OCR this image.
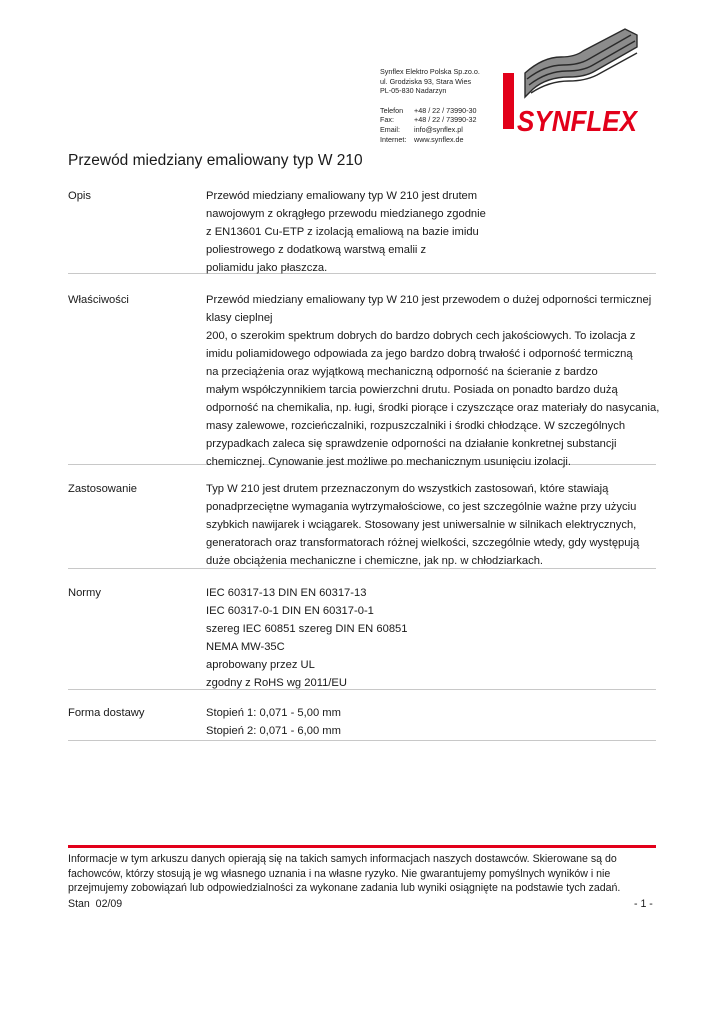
Synflex Elektro Polska Sp.zo.o.
ul. Grodziska 93, Stara Wies
PL-05-830 Nadarzyn
Telefon	+48 / 22 / 73990-30
Fax:	+48 / 22 / 73990-32
Email:	info@synflex.pl
Internet:	www.synflex.de
SYNFLEX
Przewód miedziany emaliowany typ W 210
Opis	Przewód miedziany emaliowany typ W 210 jest drutem
nawojowym z okrągłego przewodu miedzianego zgodnie
z EN13601 Cu-ETP z izolacją emaliową na bazie imidu
poliestrowego z dodatkową warstwą emalii z
poliamidu jako płaszcza.
Właściwości	Przewód miedziany emaliowany typ W 210 jest przewodem o dużej odporności termicznej
klasy cieplnej
200, o szerokim spektrum dobrych do bardzo dobrych cech jakościowych. To izolacja z
imidu poliamidowego odpowiada za jego bardzo dobrą trwałość i odporność termiczną
na przeciążenia oraz wyjątkową mechaniczną odporność na ścieranie z bardzo
małym współczynnikiem tarcia powierzchni drutu. Posiada on ponadto bardzo dużą
odporność na chemikalia, np. ługi, środki piorące i czyszczące oraz materiały do nasycania,
masy zalewowe, rozcieńczalniki, rozpuszczalniki i środki chłodzące. W szczególnych
przypadkach zaleca się sprawdzenie odporności na działanie konkretnej substancji
chemicznej. Cynowanie jest możliwe po mechanicznym usunięciu izolacji.
Zastosowanie	Typ W 210 jest drutem przeznaczonym do wszystkich zastosowań, które stawiają
ponadprzeciętne wymagania wytrzymałościowe, co jest szczególnie ważne przy użyciu
szybkich nawijarek i wciągarek. Stosowany jest uniwersalnie w silnikach elektrycznych,
generatorach oraz transformatorach różnej wielkości, szczególnie wtedy, gdy występują
duże obciążenia mechaniczne i chemiczne, jak np. w chłodziarkach.
Normy	IEC 60317-13 DIN EN 60317-13
IEC 60317-0-1 DIN EN 60317-0-1
szereg IEC 60851 szereg DIN EN 60851
NEMA MW-35C
aprobowany przez UL
zgodny z RoHS wg 2011/EU
Forma dostawy	Stopień 1: 0,071 - 5,00 mm
Stopień 2: 0,071 - 6,00 mm
Informacje w tym arkuszu danych opierają się na takich samych informacjach naszych dostawców. Skierowane są do
fachowców, którzy stosują je wg własnego uznania i na własne ryzyko. Nie gwarantujemy pomyślnych wyników i nie
przejmujemy zobowiązań lub odpowiedzialności za wykonane zadania lub wyniki osiągnięte na podstawie tych zadań.
Stan  02/09	- 1 -
